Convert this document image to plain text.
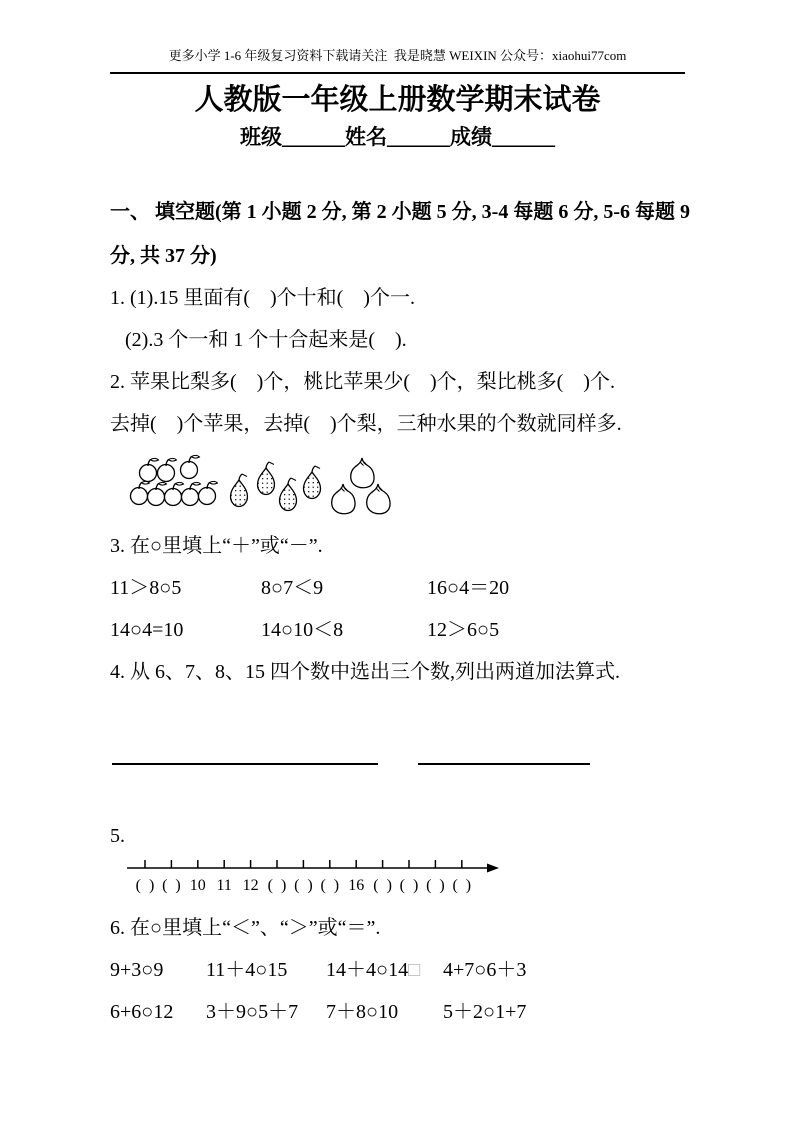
更多小学 1-6 年级复习资料下载请关注  我是晓慧 WEIXIN 公众号：xiaohui77com
人教版一年级上册数学期末试卷
班级______姓名______成绩______
一、 填空题(第 1 小题 2 分, 第 2 小题 5 分, 3-4 每题 6 分, 5-6 每题 9
分, 共 37 分)
1. (1).15 里面有(    )个十和(    )个一.
(2).3 个一和 1 个十合起来是(    ).
2. 苹果比梨多(    )个，桃比苹果少(    )个，梨比桃多(    )个.
去掉(    )个苹果，去掉(    )个梨，三种水果的个数就同样多.
3. 在○里填上“＋”或“－”.
11＞8○5	8○7＜9	16○4＝20
14○4=10	14○10＜8	12＞6○5
4. 从 6、7、8、15 四个数中选出三个数,列出两道加法算式.
5.
( ) ( ) 10 11 12 ( ) ( ) ( ) 16 ( ) ( ) ( ) ( )
6. 在○里填上“＜”、“＞”或“＝”.
9+3○9	11＋4○15	14＋4○14□	4+7○6＋3
6+6○12	3＋9○5＋7	7＋8○10	5＋2○1+7
